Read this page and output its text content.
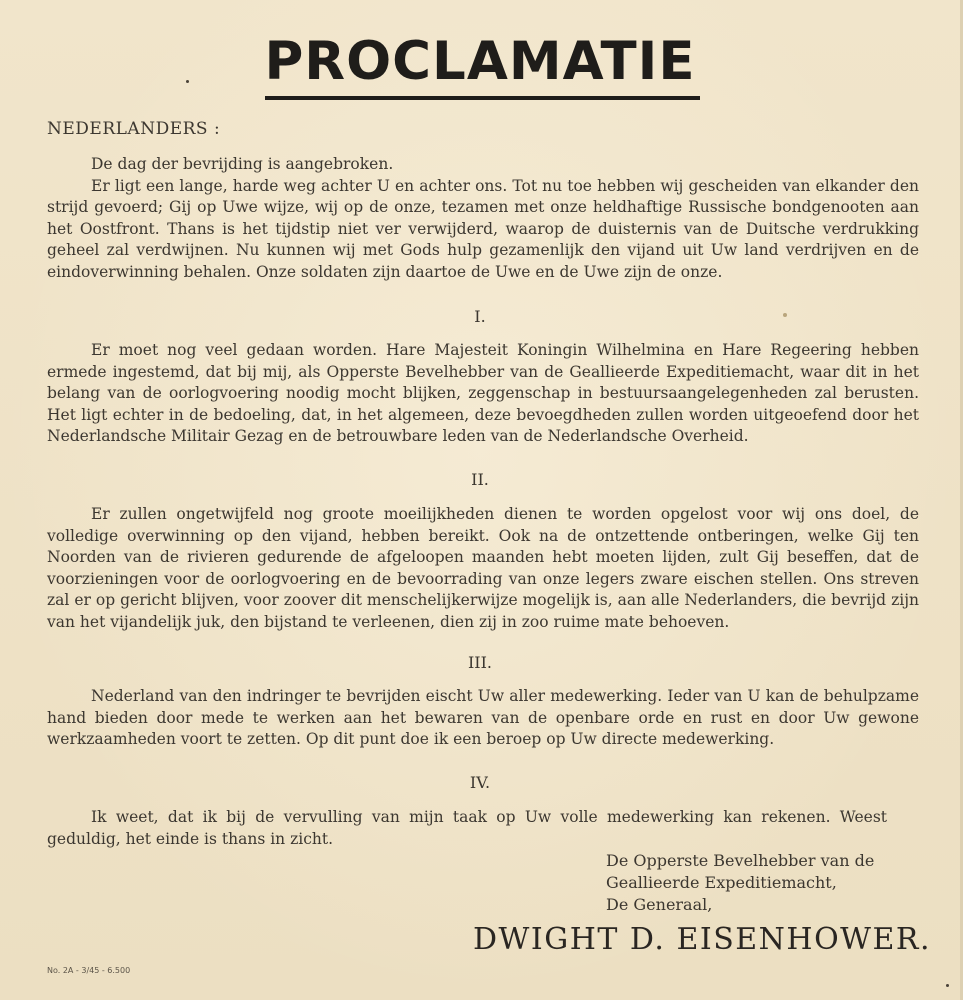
PROCLAMATIE
NEDERLANDERS :

De dag der bevrijding is aangebroken.

Er ligt een lange, harde weg achter U en achter ons. Tot nu toe hebben wij gescheiden van elkander den strijd gevoerd; Gij op Uwe wijze, wij op de onze, tezamen met onze heldhaftige Russische bondgenooten aan het Oostfront. Thans is het tijdstip niet ver verwijderd, waarop de duisternis van de Duitsche verdrukking geheel zal verdwijnen. Nu kunnen wij met Gods hulp gezamenlijk den vijand uit Uw land verdrijven en de eindoverwinning behalen. Onze soldaten zijn daartoe de Uwe en de Uwe zijn de onze.

I.

Er moet nog veel gedaan worden. Hare Majesteit Koningin Wilhelmina en Hare Regeering hebben ermede ingestemd, dat bij mij, als Opperste Bevelhebber van de Geallieerde Expeditiemacht, waar dit in het belang van de oorlogvoering noodig mocht blijken, zeggenschap in bestuursaangelegenheden zal berusten. Het ligt echter in de bedoeling, dat, in het algemeen, deze bevoegdheden zullen worden uitgeoefend door het Nederlandsche Militair Gezag en de betrouwbare leden van de Nederlandsche Overheid.

II.

Er zullen ongetwijfeld nog groote moeilijkheden dienen te worden opgelost voor wij ons doel, de volledige overwinning op den vijand, hebben bereikt. Ook na de ontzettende ontberingen, welke Gij ten Noorden van de rivieren gedurende de afgeloopen maanden hebt moeten lijden, zult Gij beseffen, dat de voorzieningen voor de oorlogvoering en de bevoorrading van onze legers zware eischen stellen. Ons streven zal er op gericht blijven, voor zoover dit menschelijkerwijze mogelijk is, aan alle Nederlanders, die bevrijd zijn van het vijandelijk juk, den bijstand te verleenen, dien zij in zoo ruime mate behoeven.

III.

Nederland van den indringer te bevrijden eischt Uw aller medewerking. Ieder van U kan de behulpzame hand bieden door mede te werken aan het bewaren van de openbare orde en rust en door Uw gewone werkzaamheden voort te zetten. Op dit punt doe ik een beroep op Uw directe medewerking.

IV.

Ik weet, dat ik bij de vervulling van mijn taak op Uw volle medewerking kan rekenen. Weest geduldig, het einde is thans in zicht.

De Opperste Bevelhebber van de
Geallieerde Expeditiemacht,
De Generaal,
DWIGHT D. EISENHOWER.
No. 2A - 3/45 - 6.500
